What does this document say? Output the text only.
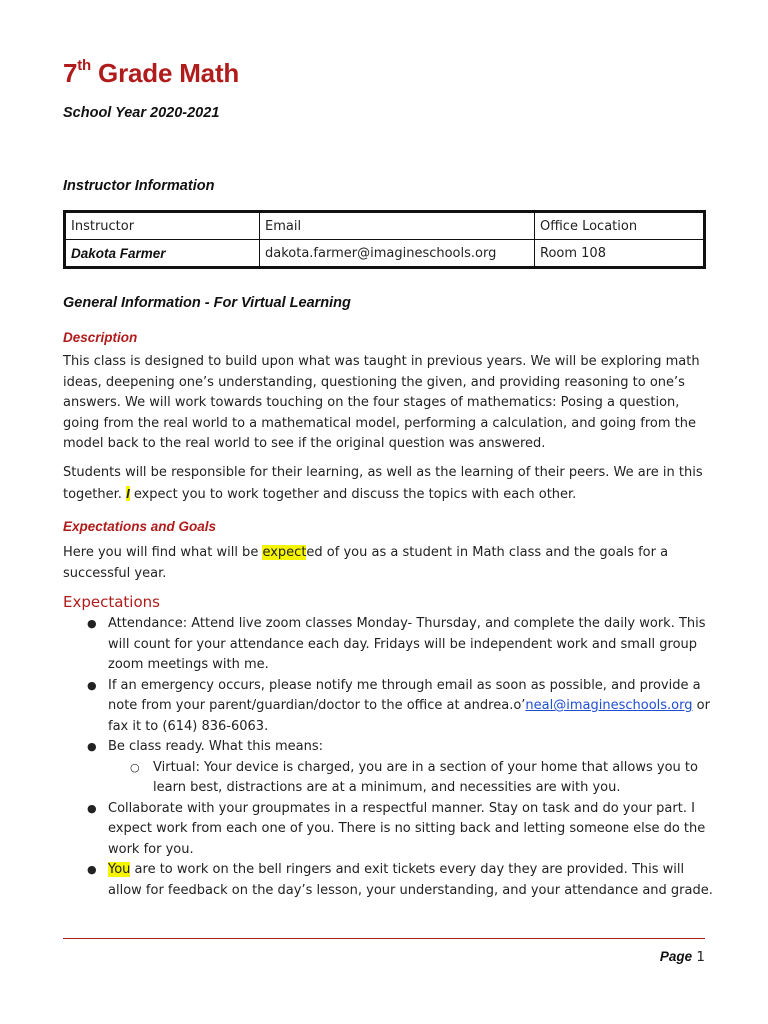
7th Grade Math
School Year 2020-2021
Instructor Information
Instructor	Email	Office Location
Dakota Farmer	dakota.farmer@imagineschools.org	Room 108
General Information - For Virtual Learning
Description

This class is designed to build upon what was taught in previous years. We will be exploring math ideas, deepening one’s understanding, questioning the given, and providing reasoning to one’s answers. We will work towards touching on the four stages of mathematics: Posing a question, going from the real world to a mathematical model, performing a calculation, and going from the model back to the real world to see if the original question was answered.

Students will be responsible for their learning, as well as the learning of their peers. We are in this together. I expect you to work together and discuss the topics with each other.

Expectations and Goals

Here you will find what will be expected of you as a student in Math class and the goals for a successful year.

Expectations
● Attendance: Attend live zoom classes Monday- Thursday, and complete the daily work. This will count for your attendance each day. Fridays will be independent work and small group zoom meetings with me.
● If an emergency occurs, please notify me through email as soon as possible, and provide a note from your parent/guardian/doctor to the office at andrea.o’neal@imagineschools.org or fax it to (614) 836-6063.
● Be class ready. What this means:
○ Virtual: Your device is charged, you are in a section of your home that allows you to learn best, distractions are at a minimum, and necessities are with you.
● Collaborate with your groupmates in a respectful manner. Stay on task and do your part. I expect work from each one of you. There is no sitting back and letting someone else do the work for you.
● You are to work on the bell ringers and exit tickets every day they are provided. This will allow for feedback on the day’s lesson, your understanding, and your attendance and grade.
Page 1
